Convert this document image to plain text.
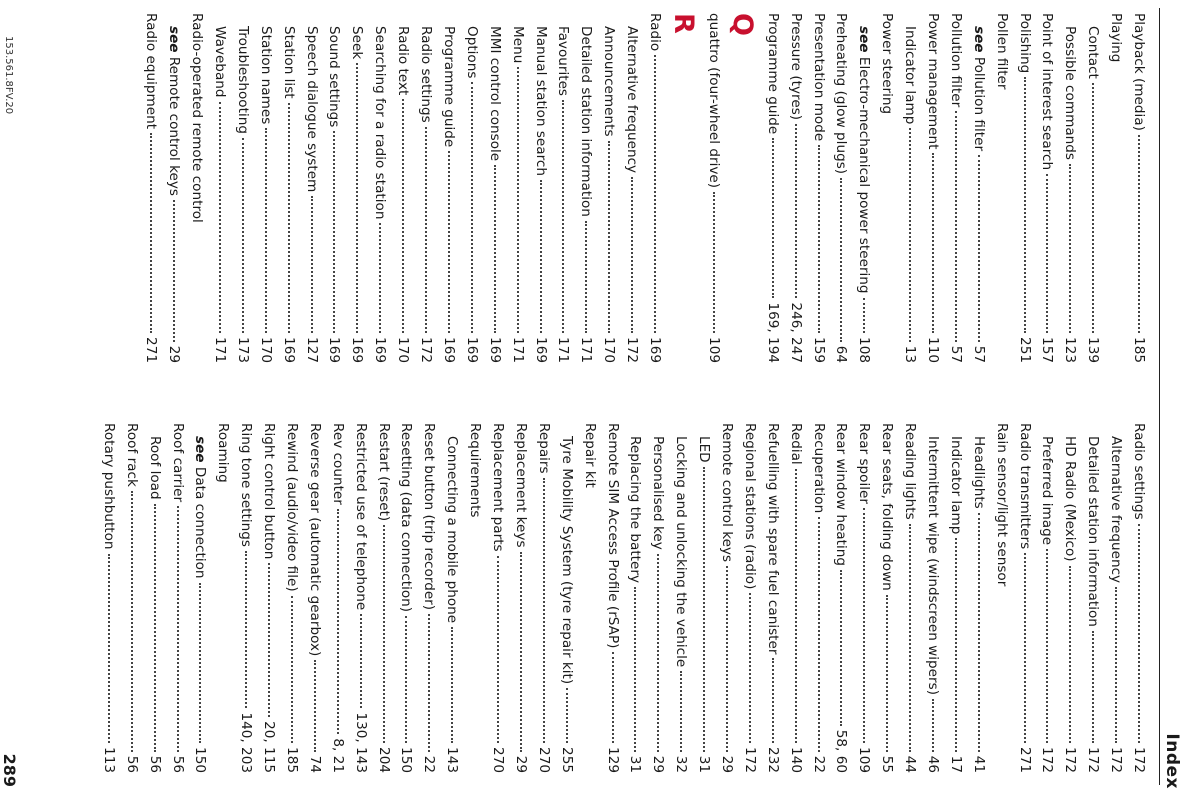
Index
Playback (media)
185
Playing
Contact
139
Possible commands
123
Point of interest search
157
Polishing
251
Pollen filter
see Pollution filter
57
Pollution filter
57
Power management
110
Indicator lamp
13
Power steering
see Electro-mechanical power steering
108
Preheating (glow plugs)
64
Presentation mode
159
Pressure (tyres)
246, 247
Programme guide
169, 194
Q
quattro (four-wheel drive)
109
R
Radio
169
Alternative frequency
172
Announcements
170
Detailed station information
171
Favourites
171
Manual station search
169
Menu
171
MMI control console
169
Options
169
Programme guide
169
Radio settings
172
Radio text
170
Searching for a radio station
169
Seek
169
Sound settings
169
Speech dialogue system
127
Station list
169
Station names
170
Troubleshooting
173
Waveband
171
Radio-operated remote control
see Remote control keys
29
Radio equipment
271
Radio settings
172
Alternative frequency
172
Detailed station information
172
HD Radio (Mexico)
172
Preferred image
172
Radio transmitters
271
Rain sensor/light sensor
Headlights
41
Indicator lamp
17
Intermittent wipe (windscreen wipers)
46
Reading lights
44
Rear seats, folding down
55
Rear spoiler
109
Rear window heating
58, 60
Recuperation
22
Redial
140
Refuelling with spare fuel canister
232
Regional stations (radio)
172
Remote control keys
29
LED
31
Locking and unlocking the vehicle
32
Personalised key
29
Replacing the battery
31
Remote SIM Access Profile (rSAP)
129
Repair kit
Tyre Mobility System (tyre repair kit)
255
Repairs
270
Replacement keys
29
Replacement parts
270
Requirements
Connecting a mobile phone
143
Reset button (trip recorder)
22
Resetting (data connection)
150
Restart (reset)
204
Restricted use of telephone
130, 143
Rev counter
8, 21
Reverse gear (automatic gearbox)
74
Rewind (audio/video file)
185
Right control button
20, 115
Ring tone settings
140, 203
Roaming
see Data connection
150
Roof carrier
56
Roof load
56
Roof rack
56
Rotary pushbutton
113
153.561.8FV.20
289
